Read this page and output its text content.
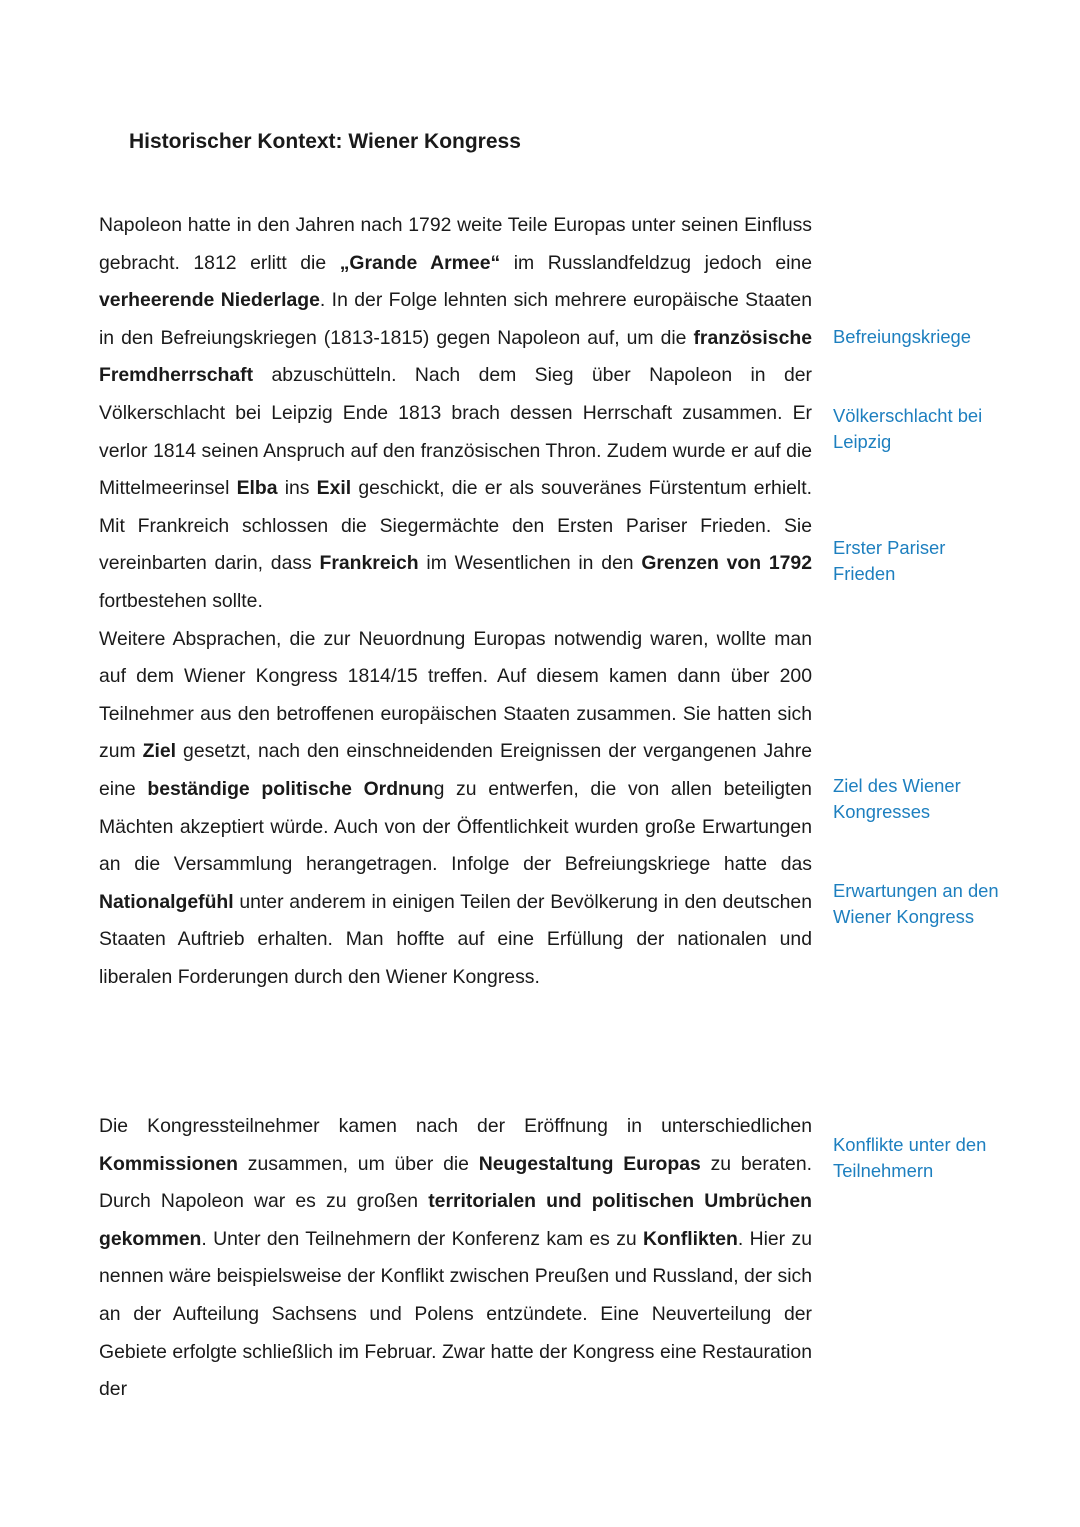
Historischer Kontext: Wiener Kongress

Napoleon hatte in den Jahren nach 1792 weite Teile Europas unter seinen Einfluss gebracht. 1812 erlitt die „Grande Armee“ im Russlandfeldzug jedoch eine verheerende Niederlage. In der Folge lehnten sich mehrere europäische Staaten in den Befreiungskriegen (1813-1815) gegen Napoleon auf, um die französische Fremdherrschaft abzuschütteln. Nach dem Sieg über Napoleon in der Völkerschlacht bei Leipzig Ende 1813 brach dessen Herrschaft zusammen. Er verlor 1814 seinen Anspruch auf den französischen Thron. Zudem wurde er auf die Mittelmeerinsel Elba ins Exil geschickt, die er als souveränes Fürstentum erhielt. Mit Frankreich schlossen die Siegermächte den Ersten Pariser Frieden. Sie vereinbarten darin, dass Frankreich im Wesentlichen in den Grenzen von 1792 fortbestehen sollte.

Weitere Absprachen, die zur Neuordnung Europas notwendig waren, wollte man auf dem Wiener Kongress 1814/15 treffen. Auf diesem kamen dann über 200 Teilnehmer aus den betroffenen europäischen Staaten zusammen. Sie hatten sich zum Ziel gesetzt, nach den einschneidenden Ereignissen der vergangenen Jahre eine beständige politische Ordnung zu entwerfen, die von allen beteiligten Mächten akzeptiert würde. Auch von der Öffentlichkeit wurden große Erwartungen an die Versammlung herangetragen. Infolge der Befreiungskriege hatte das Nationalgefühl unter anderem in einigen Teilen der Bevölkerung in den deutschen Staaten Auftrieb erhalten. Man hoffte auf eine Erfüllung der nationalen und liberalen Forderungen durch den Wiener Kongress.

Die Kongressteilnehmer kamen nach der Eröffnung in unterschiedlichen Kommissionen zusammen, um über die Neugestaltung Europas zu beraten. Durch Napoleon war es zu großen territorialen und politischen Umbrüchen gekommen. Unter den Teilnehmern der Konferenz kam es zu Konflikten. Hier zu nennen wäre beispielsweise der Konflikt zwischen Preußen und Russland, der sich an der Aufteilung Sachsens und Polens entzündete. Eine Neuverteilung der Gebiete erfolgte schließlich im Februar. Zwar hatte der Kongress eine Restauration der

Befreiungskriege
Völkerschlacht bei
Leipzig
Erster Pariser
Frieden
Ziel des Wiener
Kongresses
Erwartungen an den
Wiener Kongress
Konflikte unter den
Teilnehmern
